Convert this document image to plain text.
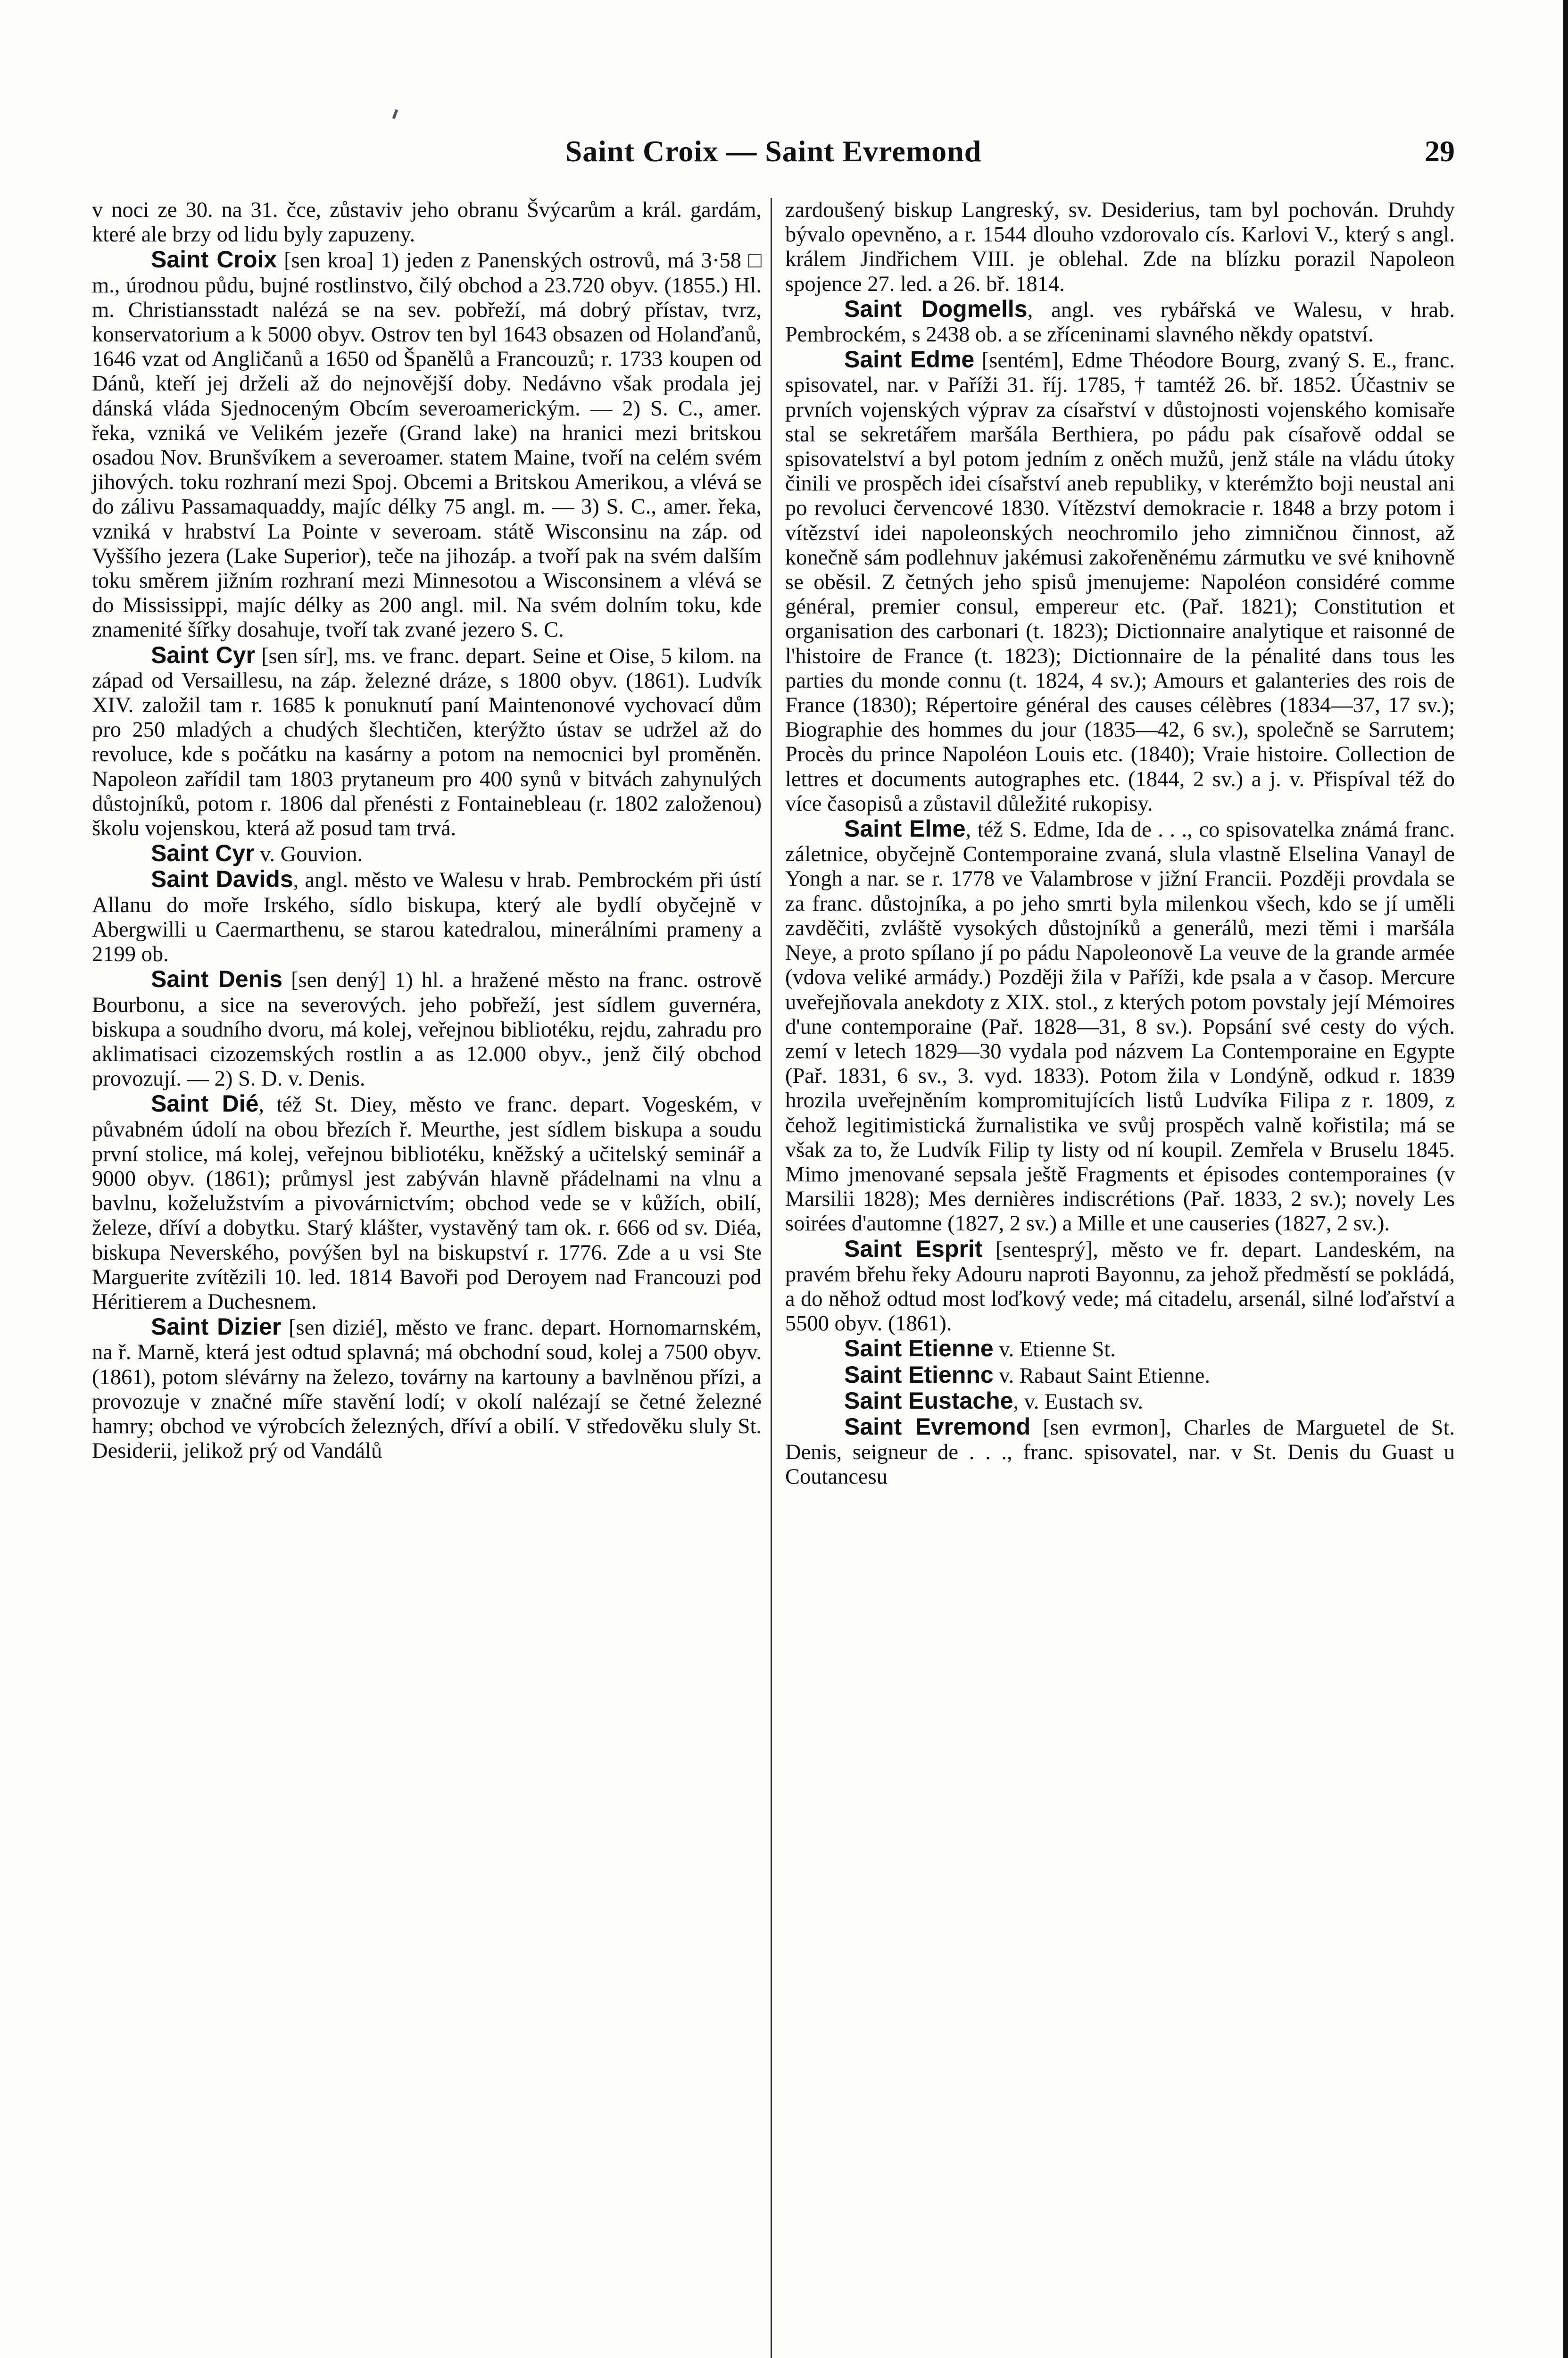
Saint Croix — Saint Evremond	29

v noci ze 30. na 31. čce, zůstaviv jeho obranu Švýcarům a král. gardám, které ale brzy od lidu byly zapuzeny.

Saint Croix [sen kroa] 1) jeden z Panenských ostrovů, má 3·58 □ m., úrodnou půdu, bujné rostlinstvo, čilý obchod a 23.720 obyv. (1855.) Hl. m. Christiansstadt nalézá se na sev. pobřeží, má dobrý přístav, tvrz, konservatorium a k 5000 obyv. Ostrov ten byl 1643 obsazen od Holanďanů, 1646 vzat od Angličanů a 1650 od Španělů a Francouzů; r. 1733 koupen od Dánů, kteří jej drželi až do nejnovější doby. Nedávno však prodala jej dánská vláda Sjednoceným Obcím severoamerickým. — 2) S. C., amer. řeka, vzniká ve Velikém jezeře (Grand lake) na hranici mezi britskou osadou Nov. Brunšvíkem a severoamer. statem Maine, tvoří na celém svém jihových. toku rozhraní mezi Spoj. Obcemi a Britskou Amerikou, a vlévá se do zálivu Passamaquaddy, majíc délky 75 angl. m. — 3) S. C., amer. řeka, vzniká v hrabství La Pointe v severoam. státě Wisconsinu na záp. od Vyššího jezera (Lake Superior), teče na jihozáp. a tvoří pak na svém dalším toku směrem jižním rozhraní mezi Minnesotou a Wisconsinem a vlévá se do Mississippi, majíc délky as 200 angl. mil. Na svém dolním toku, kde znamenité šířky dosahuje, tvoří tak zvané jezero S. C.

Saint Cyr [sen sír], ms. ve franc. depart. Seine et Oise, 5 kilom. na západ od Versaillesu, na záp. železné dráze, s 1800 obyv. (1861). Ludvík XIV. založil tam r. 1685 k ponuknutí paní Maintenonové vychovací dům pro 250 mladých a chudých šlechtičen, kterýžto ústav se udržel až do revoluce, kde s počátku na kasárny a potom na nemocnici byl proměněn. Napoleon zařídil tam 1803 prytaneum pro 400 synů v bitvách zahynulých důstojníků, potom r. 1806 dal přenésti z Fontainebleau (r. 1802 založenou) školu vojenskou, která až posud tam trvá.

Saint Cyr v. Gouvion.

Saint Davids, angl. město ve Walesu v hrab. Pembrockém při ústí Allanu do moře Irského, sídlo biskupa, který ale bydlí obyčejně v Abergwilli u Caermarthenu, se starou katedralou, minerálními prameny a 2199 ob.

Saint Denis [sen dený] 1) hl. a hražené město na franc. ostrově Bourbonu, a sice na severových. jeho pobřeží, jest sídlem guvernéra, biskupa a soudního dvoru, má kolej, veřejnou bibliotéku, rejdu, zahradu pro aklimatisaci cizozemských rostlin a as 12.000 obyv., jenž čilý obchod provozují. — 2) S. D. v. Denis.

Saint Dié, též St. Diey, město ve franc. depart. Vogeském, v půvabném údolí na obou březích ř. Meurthe, jest sídlem biskupa a soudu první stolice, má kolej, veřejnou bibliotéku, kněžský a učitelský seminář a 9000 obyv. (1861); průmysl jest zabýván hlavně přádelnami na vlnu a bavlnu, koželužstvím a pivovárnictvím; obchod vede se v kůžích, obilí, železe, dříví a dobytku. Starý klášter, vystavěný tam ok. r. 666 od sv. Diéa, biskupa Neverského, povýšen byl na biskupství r. 1776. Zde a u vsi Ste Marguerite zvítězili 10. led. 1814 Bavoři pod Deroyem nad Francouzi pod Héritierem a Duchesnem.

Saint Dizier [sen dizié], město ve franc. depart. Hornomarnském, na ř. Marně, která jest odtud splavná; má obchodní soud, kolej a 7500 obyv. (1861), potom slévárny na železo, továrny na kartouny a bavlněnou přízi, a provozuje v značné míře stavění lodí; v okolí nalézají se četné železné hamry; obchod ve výrobcích železných, dříví a obilí. V středověku sluly St. Desiderii, jelikož prý od Vandálů

zardoušený biskup Langreský, sv. Desiderius, tam byl pochován. Druhdy bývalo opevněno, a r. 1544 dlouho vzdorovalo cís. Karlovi V., který s angl. králem Jindřichem VIII. je oblehal. Zde na blízku porazil Napoleon spojence 27. led. a 26. bř. 1814.

Saint Dogmells, angl. ves rybářská ve Walesu, v hrab. Pembrockém, s 2438 ob. a se zříceninami slavného někdy opatství.

Saint Edme [sentém], Edme Théodore Bourg, zvaný S. E., franc. spisovatel, nar. v Paříži 31. říj. 1785, † tamtéž 26. bř. 1852. Účastniv se prvních vojenských výprav za císařství v důstojnosti vojenského komisaře stal se sekretářem maršála Berthiera, po pádu pak císařově oddal se spisovatelství a byl potom jedním z oněch mužů, jenž stále na vládu útoky činili ve prospěch idei císařství aneb republiky, v kterémžto boji neustal ani po revoluci červencové 1830. Vítězství demokracie r. 1848 a brzy potom i vítězství idei napoleonských neochromilo jeho zimničnou činnost, až konečně sám podlehnuv jakémusi zakořeněnému zármutku ve své knihovně se oběsil. Z četných jeho spisů jmenujeme: Napoléon considéré comme général, premier consul, empereur etc. (Pař. 1821); Constitution et organisation des carbonari (t. 1823); Dictionnaire analytique et raisonné de l'histoire de France (t. 1823); Dictionnaire de la pénalité dans tous les parties du monde connu (t. 1824, 4 sv.); Amours et galanteries des rois de France (1830); Répertoire général des causes célèbres (1834—37, 17 sv.); Biographie des hommes du jour (1835—42, 6 sv.), společně se Sarrutem; Procès du prince Napoléon Louis etc. (1840); Vraie histoire. Collection de lettres et documents autographes etc. (1844, 2 sv.) a j. v. Přispíval též do více časopisů a zůstavil důležité rukopisy.

Saint Elme, též S. Edme, Ida de . . ., co spisovatelka známá franc. záletnice, obyčejně Contemporaine zvaná, slula vlastně Elselina Vanayl de Yongh a nar. se r. 1778 ve Valambrose v jižní Francii. Později provdala se za franc. důstojníka, a po jeho smrti byla milenkou všech, kdo se jí uměli zavděčiti, zvláště vysokých důstojníků a generálů, mezi těmi i maršála Neye, a proto spílano jí po pádu Napoleonově La veuve de la grande armée (vdova veliké armády.) Později žila v Paříži, kde psala a v časop. Mercure uveřejňovala anekdoty z XIX. stol., z kterých potom povstaly její Mémoires d'une contemporaine (Pař. 1828—31, 8 sv.). Popsání své cesty do vých. zemí v letech 1829—30 vydala pod názvem La Contemporaine en Egypte (Pař. 1831, 6 sv., 3. vyd. 1833). Potom žila v Londýně, odkud r. 1839 hrozila uveřejněním kompromitujících listů Ludvíka Filipa z r. 1809, z čehož legitimistická žurnalistika ve svůj prospěch valně kořistila; má se však za to, že Ludvík Filip ty listy od ní koupil. Zemřela v Bruselu 1845. Mimo jmenované sepsala ještě Fragments et épisodes contemporaines (v Marsilii 1828); Mes dernières indiscrétions (Pař. 1833, 2 sv.); novely Les soirées d'automne (1827, 2 sv.) a Mille et une causeries (1827, 2 sv.).

Saint Esprit [sentesprý], město ve fr. depart. Landeském, na pravém břehu řeky Adouru naproti Bayonnu, za jehož předměstí se pokládá, a do něhož odtud most loďkový vede; má citadelu, arsenál, silné loďařství a 5500 obyv. (1861).

Saint Etienne v. Etienne St.

Saint Etiennc v. Rabaut Saint Etienne.

Saint Eustache, v. Eustach sv.

Saint Evremond [sen evrmon], Charles de Marguetel de St. Denis, seigneur de . . ., franc. spisovatel, nar. v St. Denis du Guast u Coutancesu
